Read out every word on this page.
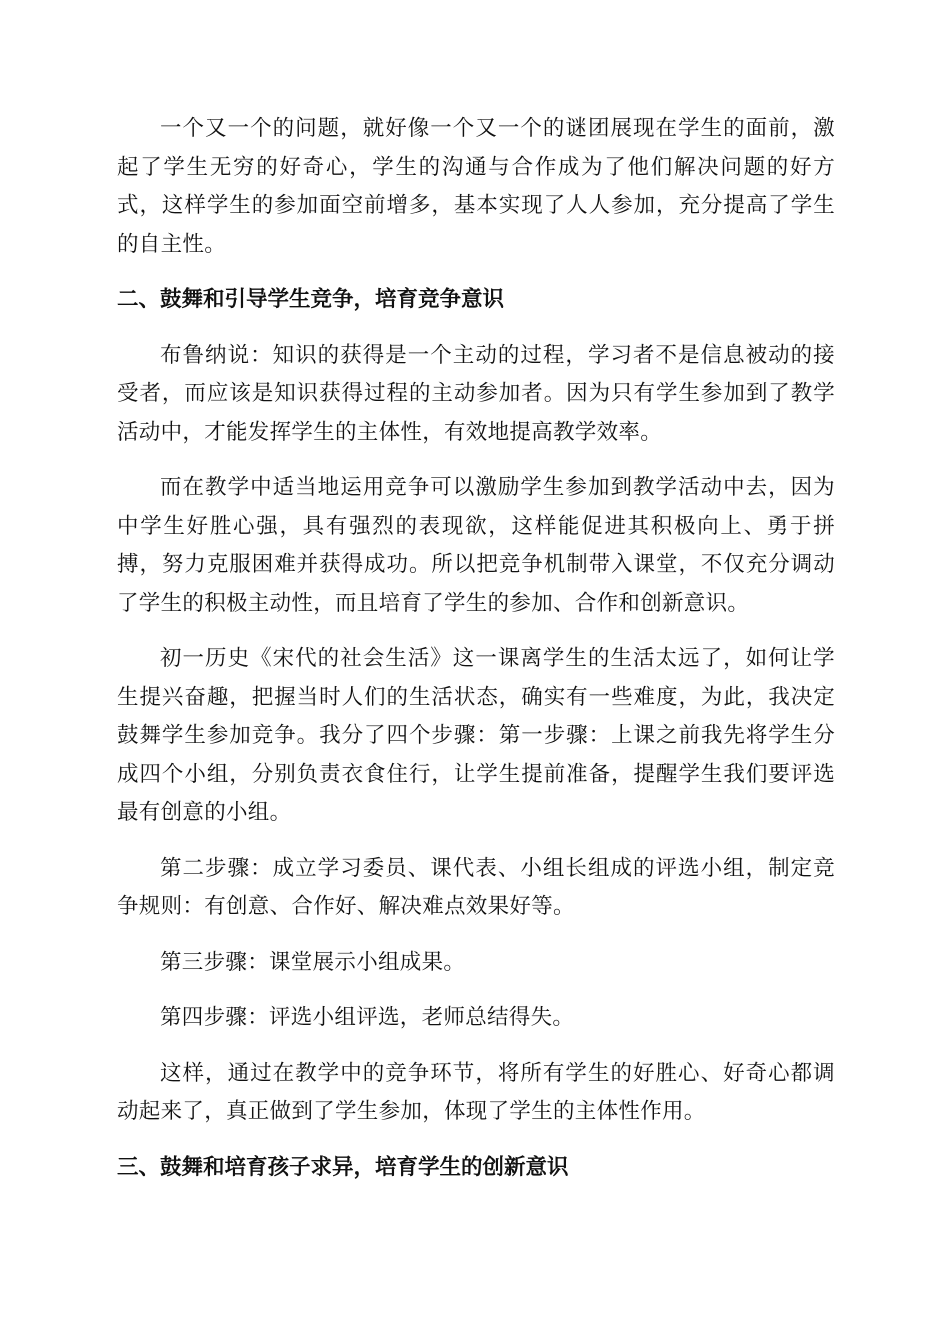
一个又一个的问题，就好像一个又一个的谜团展现在学生的面前，激起了学生无穷的好奇心，学生的沟通与合作成为了他们解决问题的好方式，这样学生的参加面空前增多，基本实现了人人参加，充分提高了学生的自主性。

二、鼓舞和引导学生竞争，培育竞争意识

布鲁纳说：知识的获得是一个主动的过程，学习者不是信息被动的接受者，而应该是知识获得过程的主动参加者。因为只有学生参加到了教学活动中，才能发挥学生的主体性，有效地提高教学效率。

而在教学中适当地运用竞争可以激励学生参加到教学活动中去，因为中学生好胜心强，具有强烈的表现欲，这样能促进其积极向上、勇于拼搏，努力克服困难并获得成功。所以把竞争机制带入课堂，不仅充分调动了学生的积极主动性，而且培育了学生的参加、合作和创新意识。

初一历史《宋代的社会生活》这一课离学生的生活太远了，如何让学生提兴奋趣，把握当时人们的生活状态，确实有一些难度，为此，我决定鼓舞学生参加竞争。我分了四个步骤：第一步骤：上课之前我先将学生分成四个小组，分别负责衣食住行，让学生提前准备，提醒学生我们要评选最有创意的小组。

第二步骤：成立学习委员、课代表、小组长组成的评选小组，制定竞争规则：有创意、合作好、解决难点效果好等。

第三步骤：课堂展示小组成果。

第四步骤：评选小组评选，老师总结得失。

这样，通过在教学中的竞争环节，将所有学生的好胜心、好奇心都调动起来了，真正做到了学生参加，体现了学生的主体性作用。

三、鼓舞和培育孩子求异，培育学生的创新意识
